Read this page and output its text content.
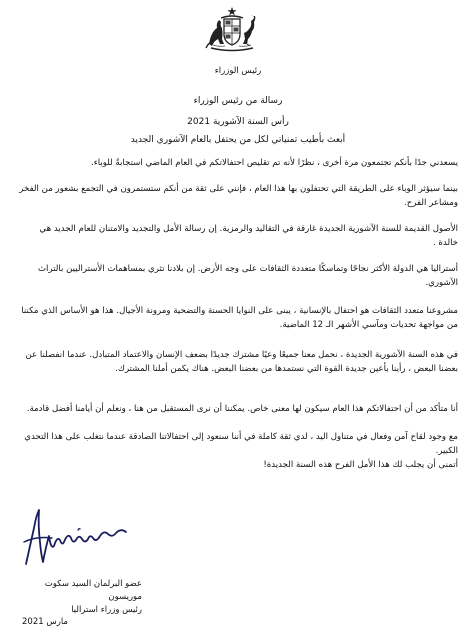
رئيس الوزراء
رسالة من رئيس الوزراء
رأس السنة الآشورية 2021
أبعث بأطيب تمنياتي لكل من يحتفل بالعام الآشوري الجديد
يسعدني جدًا بأنكم تجتمعون مرة أخرى ، نظرًا لأنه تم تقليص احتفالاتكم في العام الماضي استجابةً للوباء.
بينما سيؤثر الوباء على الطريقة التي تحتفلون بها هذا العام ، فإنني على ثقة من أنكم ستستمرون في التجمع بشعور من الفخر ومشاعر الفرح.
الأصول القديمة للسنة الآشورية الجديدة غارقة في التقاليد والرمزية. إن رسالة الأمل والتجديد والامتنان للعام الجديد هي خالدة .
أستراليا هي الدولة الأكثر نجاحًا وتماسكًا متعددة الثقافات على وجه الأرض. إن بلادنا تثري بمساهمات الأستراليين بالتراث الآشوري.
مشروعنا متعدد الثقافات هو احتفال بالإنسانية ، يبنى على النوايا الحسنة والتضحية ومرونة الأجيال. هذا هو الأساس الذي مكننا من مواجهة تحديات ومآسي الأشهر الـ 12 الماضية.
في هذه السنة الآشورية الجديدة ، نحمل معنا جميعًا وعيًا مشترك جديدًا بضعف الإنسان والاعتماد المتبادل. عندما انفصلنا عن بعضنا البعض ، رأينا بأعين جديدة القوة التي نستمدها من بعضنا البعض. هناك يكمن أملنا المشترك.
أنا متأكد من أن احتفالاتكم هذا العام سيكون لها معنى خاص. يمكننا أن نرى المستقبل من هنا ، ونعلم أن أيامنا أفضل قادمة.
مع وجود لقاح آمن وفعال في متناول اليد ، لدي ثقة كاملة في أننا سنعود إلى احتفالاتنا الصادقة عندما نتغلب على هذا التحدي الكبير.
أتمنى أن يجلب لك هذا الأمل الفرح هذه السنة الجديدة!
عضو البرلمان السيد سكوت موريسون
رئيس وزراء استراليا
مارس 2021
